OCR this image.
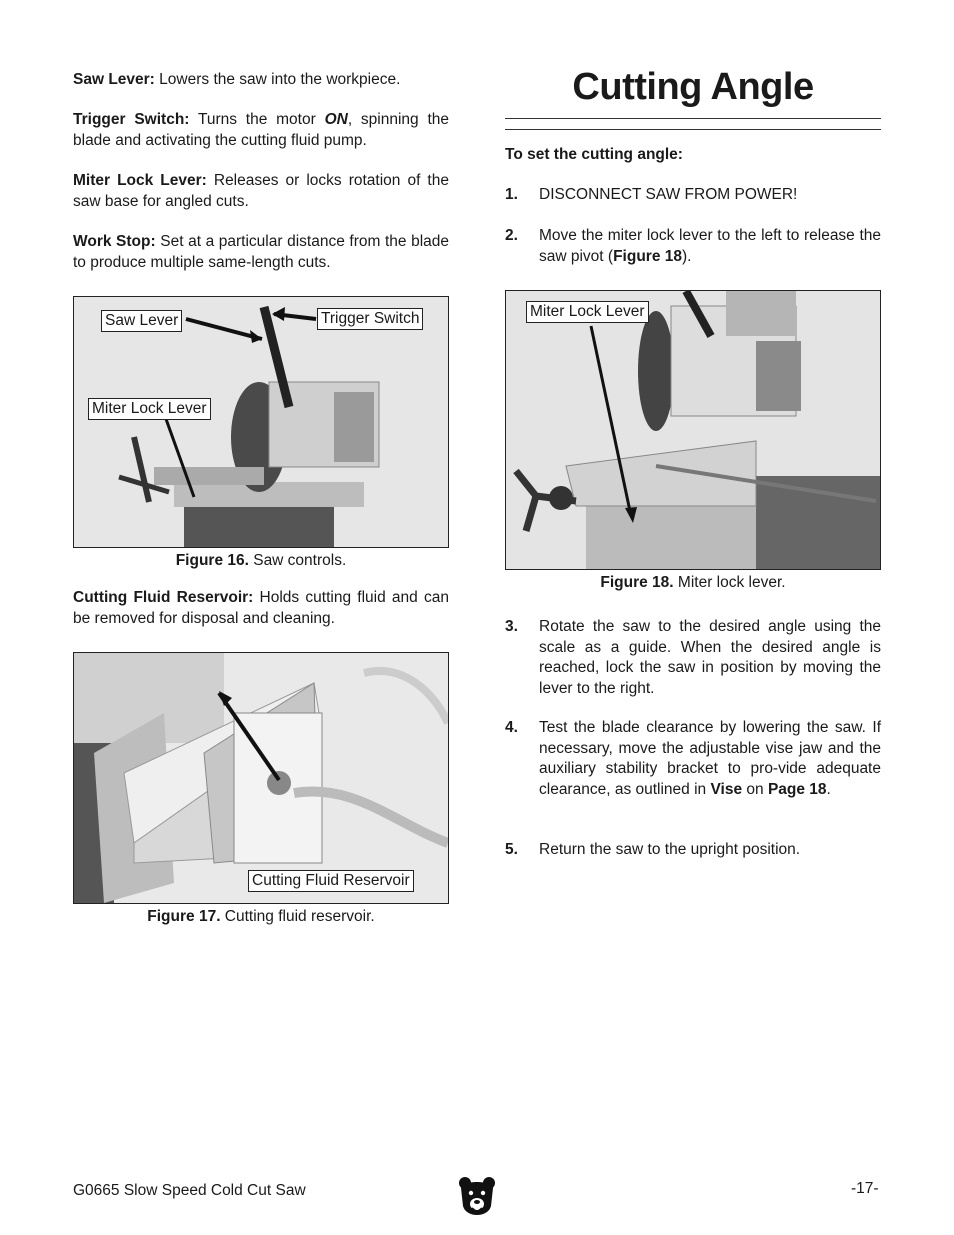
Saw Lever: Lowers the saw into the workpiece.

Trigger Switch: Turns the motor ON, spinning the blade and activating the cutting fluid pump.

Miter Lock Lever: Releases or locks rotation of the saw base for angled cuts.

Work Stop: Set at a particular distance from the blade to produce multiple same-length cuts.

Saw Lever	Trigger Switch
Miter Lock Lever
Figure 16. Saw controls.

Cutting Fluid Reservoir: Holds cutting fluid and can be removed for disposal and cleaning.

Cutting Fluid Reservoir
Figure 17. Cutting fluid reservoir.
Cutting Angle
To set the cutting angle:
1. DISCONNECT SAW FROM POWER!
2. Move the miter lock lever to the left to release the saw pivot (Figure 18).
Miter Lock Lever
Figure 18. Miter lock lever.
3. Rotate the saw to the desired angle using the scale as a guide. When the desired angle is reached, lock the saw in position by moving the lever to the right.
4. Test the blade clearance by lowering the saw. If necessary, move the adjustable vise jaw and the auxiliary stability bracket to pro-vide adequate clearance, as outlined in Vise on Page 18.
5. Return the saw to the upright position.
G0665 Slow Speed Cold Cut Saw	-17-
